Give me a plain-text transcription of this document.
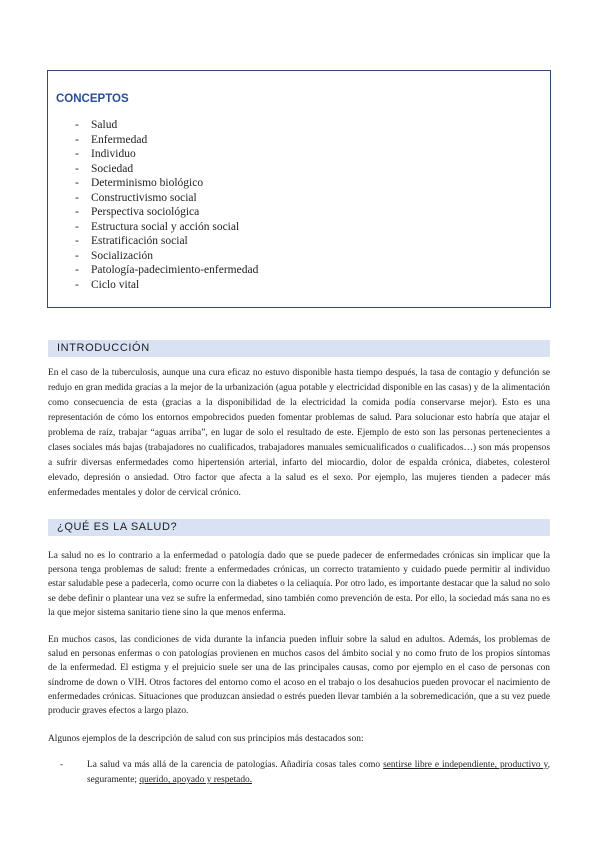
CONCEPTOS
- Salud
- Enfermedad
- Individuo
- Sociedad
- Determinismo biológico
- Constructivismo social
- Perspectiva sociológica
- Estructura social y acción social
- Estratificación social
- Socialización
- Patología-padecimiento-enfermedad
- Ciclo vital
INTRODUCCIÓN

En el caso de la tuberculosis, aunque una cura eficaz no estuvo disponible hasta tiempo después, la tasa de contagio y defunción se redujo en gran medida gracias a la mejor de la urbanización (agua potable y electricidad disponible en las casas) y de la alimentación como consecuencia de esta (gracias a la disponibilidad de la electricidad la comida podía conservarse mejor). Esto es una representación de cómo los entornos empobrecidos pueden fomentar problemas de salud. Para solucionar esto habría que atajar el problema de raíz, trabajar “aguas arriba”, en lugar de solo el resultado de este. Ejemplo de esto son las personas pertenecientes a clases sociales más bajas (trabajadores no cualificados, trabajadores manuales semicualificados o cualificados…) son más propensos a sufrir diversas enfermedades como hipertensión arterial, infarto del miocardio, dolor de espalda crónica, diabetes, colesterol elevado, depresión o ansiedad. Otro factor que afecta a la salud es el sexo. Por ejemplo, las mujeres tienden a padecer más enfermedades mentales y dolor de cervical crónico.

¿QUÉ ES LA SALUD?

La salud no es lo contrario a la enfermedad o patología dado que se puede padecer de enfermedades crónicas sin implicar que la persona tenga problemas de salud: frente a enfermedades crónicas, un correcto tratamiento y cuidado puede permitir al individuo estar saludable pese a padecerla, como ocurre con la diabetes o la celiaquía. Por otro lado, es importante destacar que la salud no solo se debe definir o plantear una vez se sufre la enfermedad, sino también como prevención de esta. Por ello, la sociedad más sana no es la que mejor sistema sanitario tiene sino la que menos enferma.

En muchos casos, las condiciones de vida durante la infancia pueden influir sobre la salud en adultos. Además, los problemas de salud en personas enfermas o con patologías provienen en muchos casos del ámbito social y no como fruto de los propios síntomas de la enfermedad. El estigma y el prejuicio suele ser una de las principales causas, como por ejemplo en el caso de personas con síndrome de down o VIH. Otros factores del entorno como el acoso en el trabajo o los desahucios pueden provocar el nacimiento de enfermedades crónicas. Situaciones que produzcan ansiedad o estrés pueden llevar también a la sobremedicación, que a su vez puede producir graves efectos a largo plazo.

Algunos ejemplos de la descripción de salud con sus principios más destacados son:

-	La salud va más allá de la carencia de patologías. Añadiría cosas tales como sentirse libre e independiente, productivo y, seguramente; querido, apoyado y respetado.
